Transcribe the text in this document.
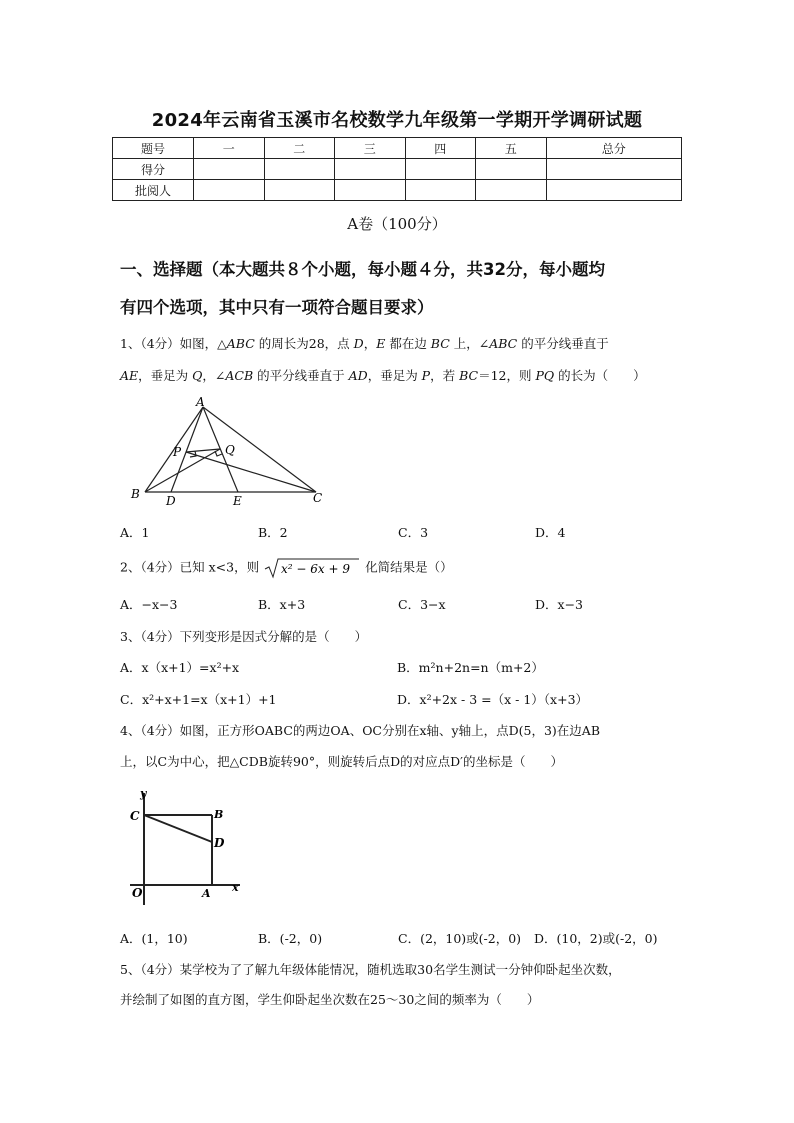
2024年云南省玉溪市名校数学九年级第一学期开学调研试题
题号	一	二	三	四	五	总分
得分						
批阅人						
A卷（100分）
一、选择题（本大题共８个小题，每小题４分，共32分，每小题均
有四个选项，其中只有一项符合题目要求）
1、（4分）如图，△ABC 的周长为28，点 D，E 都在边 BC 上，∠ABC 的平分线垂直于
AE，垂足为 Q，∠ACB 的平分线垂直于 AD，垂足为 P，若 BC＝12，则 PQ 的长为（　　）
A
P	Q
B D	E	C
A．1	B．2	C．3	D．4
2、（4分）已知 x<3，则 x² − 6x + 9 化简结果是（）
A．−x−3	B．x+3	C．3−x	D．x−3
3、（4分）下列变形是因式分解的是（　　）
A．x（x+1）=x²+x	B．m²n+2n=n（m+2）
C．x²+x+1=x（x+1）+1	D．x²+2x - 3 =（x - 1）（x+3）
4、（4分）如图，正方形OABC的两边OA、OC分别在x轴、y轴上，点D(5，3)在边AB
上，以C为中心，把△CDB旋转90°，则旋转后点D的对应点D′的坐标是（　　）
y
C	B
D
O	A x
A．(1，10)	B．(-2，0)	C．(2，10)或(-2，0) D．(10，2)或(-2，0)
5、（4分）某学校为了了解九年级体能情况，随机选取30名学生测试一分钟仰卧起坐次数，
并绘制了如图的直方图，学生仰卧起坐次数在25～30之间的频率为（　　）
